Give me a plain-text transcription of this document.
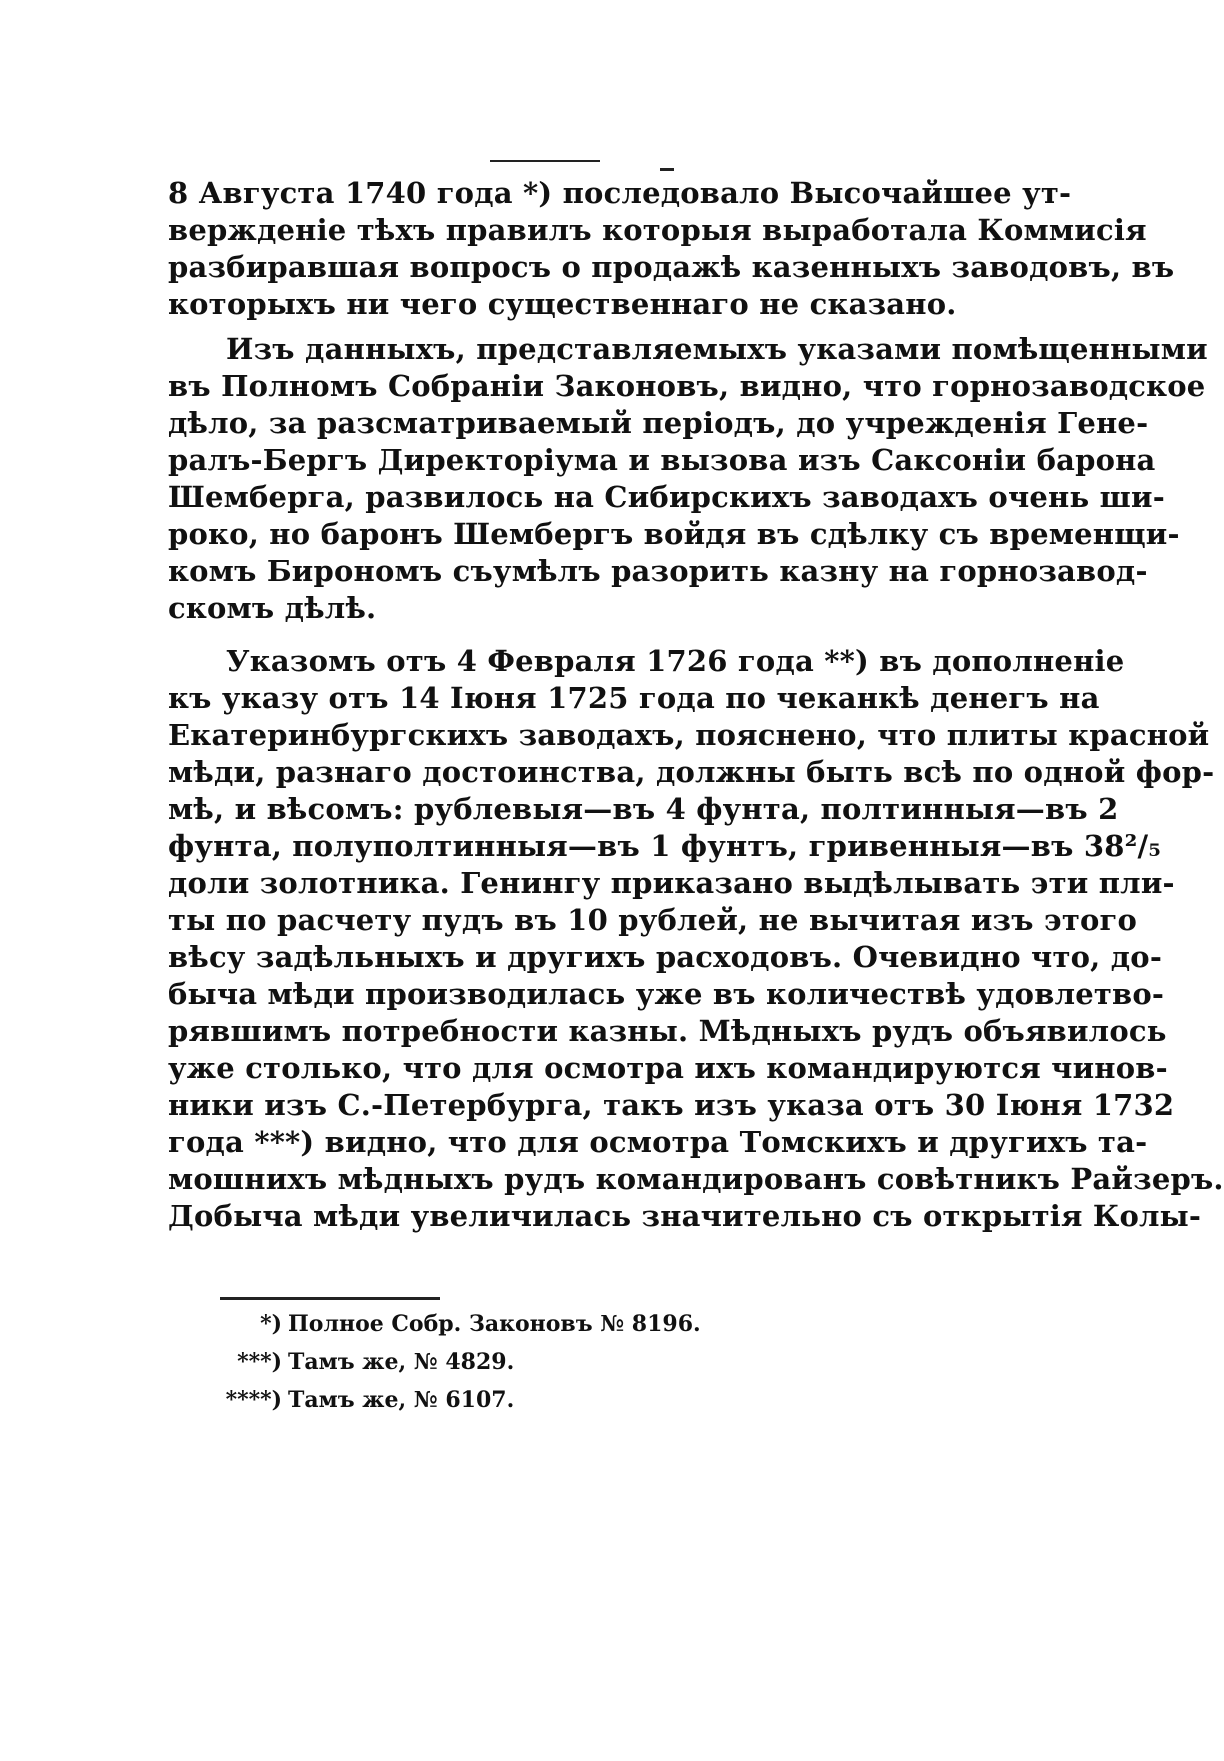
8 Августа 1740 года *) последовало Высочайшее ут-
вержденіе тѣхъ правилъ которыя выработала Коммисія
разбиравшая вопросъ о продажѣ казенныхъ заводовъ, въ
которыхъ ни чего существеннаго не сказано.
Изъ данныхъ, представляемыхъ указами помѣщенными
въ Полномъ Собраніи Законовъ, видно, что горнозаводское
дѣло, за разсматриваемый періодъ, до учрежденія Гене-
ралъ-Бергъ Директоріума и вызова изъ Саксоніи барона
Шемберга, развилось на Сибирскихъ заводахъ очень ши-
роко, но баронъ Шембергъ войдя въ сдѣлку съ временщи-
комъ Бирономъ съумѣлъ разорить казну на горнозавод-
скомъ дѣлѣ.
Указомъ отъ 4 Февраля 1726 года **) въ дополненіе
къ указу отъ 14 Іюня 1725 года по чеканкѣ денегъ на
Екатеринбургскихъ заводахъ, пояснено, что плиты красной
мѣди, разнаго достоинства, должны быть всѣ по одной фор-
мѣ, и вѣсомъ: рублевыя—въ 4 фунта, полтинныя—въ 2
фунта, полуполтинныя—въ 1 фунтъ, гривенныя—въ 38²/₅
доли золотника. Генингу приказано выдѣлывать эти пли-
ты по расчету пудъ въ 10 рублей, не вычитая изъ этого
вѣсу задѣльныхъ и другихъ расходовъ. Очевидно что, до-
быча мѣди производилась уже въ количествѣ удовлетво-
рявшимъ потребности казны. Мѣдныхъ рудъ объявилось
уже столько, что для осмотра ихъ командируются чинов-
ники изъ С.-Петербурга, такъ изъ указа отъ 30 Іюня 1732
года ***) видно, что для осмотра Томскихъ и другихъ та-
мошнихъ мѣдныхъ рудъ командированъ совѣтникъ Райзеръ.
Добыча мѣди увеличилась значительно съ открытія Колы-
*) Полное Собр. Законовъ № 8196.
***) Тамъ же, № 4829.
****) Тамъ же, № 6107.
